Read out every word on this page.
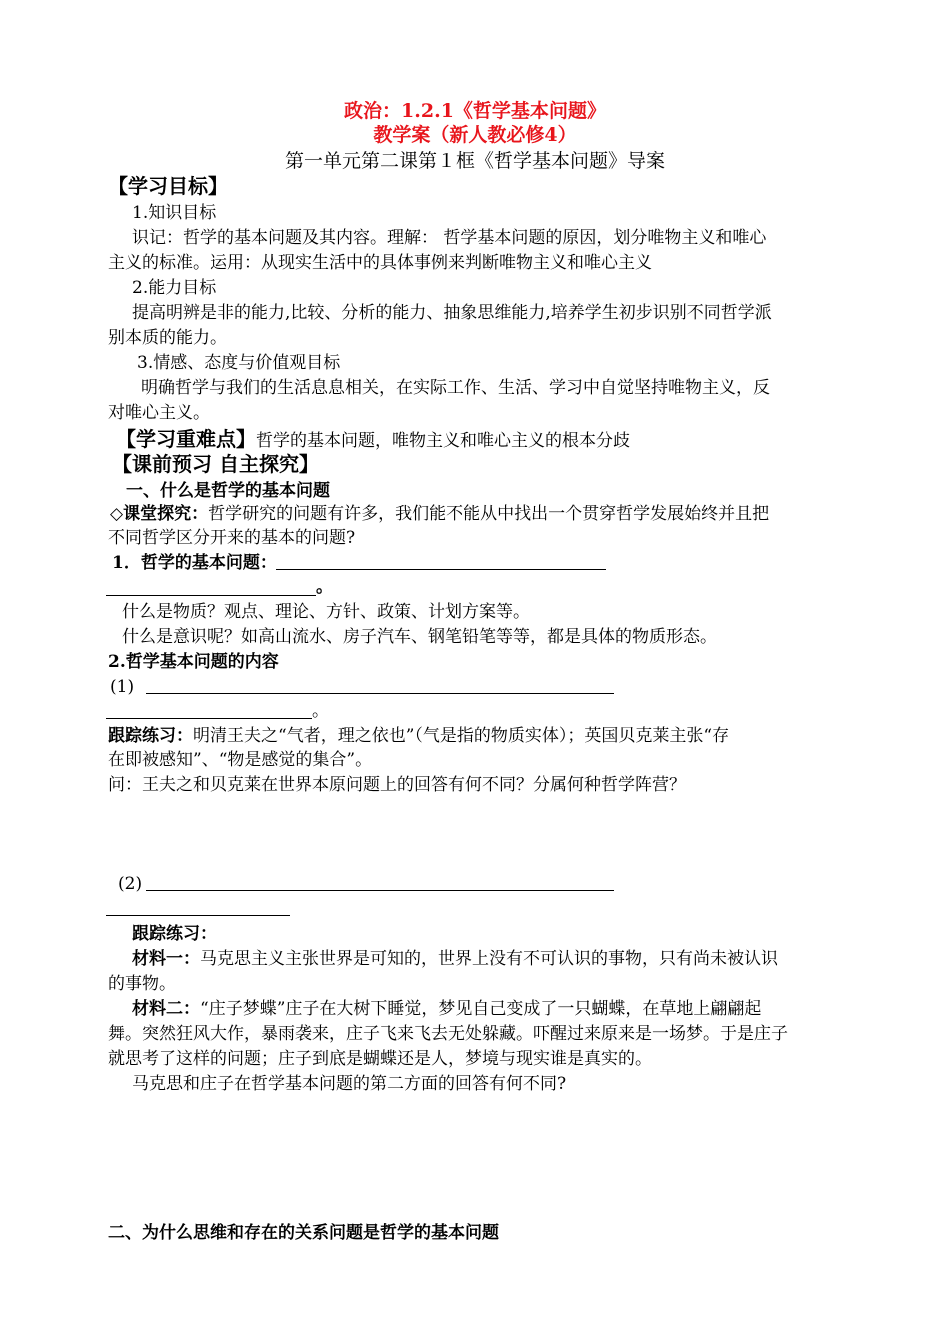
政治：1.2.1《哲学基本问题》
教学案（新人教必修4）
第一单元第二课第１框《哲学基本问题》导案
【学习目标】
1.知识目标
识记：哲学的基本问题及其内容。理解： 哲学基本问题的原因，划分唯物主义和唯心
主义的标准。运用：从现实生活中的具体事例来判断唯物主义和唯心主义
2.能力目标
提高明辨是非的能力,比较、分析的能力、抽象思维能力,培养学生初步识别不同哲学派
别本质的能力。
3.情感、态度与价值观目标
明确哲学与我们的生活息息相关，在实际工作、生活、学习中自觉坚持唯物主义，反
对唯心主义。
【学习重难点】哲学的基本问题，唯物主义和唯心主义的根本分歧
【课前预习 自主探究】
一、什么是哲学的基本问题
◇课堂探究：哲学研究的问题有许多，我们能不能从中找出一个贯穿哲学发展始终并且把
不同哲学区分开来的基本的问题?
1．哲学的基本问题：
。
什么是物质？观点、理论、方针、政策、计划方案等。
什么是意识呢？如高山流水、房子汽车、钢笔铅笔等等，都是具体的物质形态。
2.哲学基本问题的内容
(1)
。
跟踪练习：明清王夫之“气者，理之依也”（气是指的物质实体）；英国贝克莱主张“存
在即被感知”、“物是感觉的集合”。
问：王夫之和贝克莱在世界本原问题上的回答有何不同？分属何种哲学阵营？
(2)
跟踪练习：
材料一：马克思主义主张世界是可知的，世界上没有不可认识的事物，只有尚未被认识
的事物。
材料二：“庄子梦蝶”庄子在大树下睡觉，梦见自己变成了一只蝴蝶，在草地上翩翩起
舞。突然狂风大作，暴雨袭来，庄子飞来飞去无处躲藏。吓醒过来原来是一场梦。于是庄子
就思考了这样的问题；庄子到底是蝴蝶还是人，梦境与现实谁是真实的。
马克思和庄子在哲学基本问题的第二方面的回答有何不同?
二、为什么思维和存在的关系问题是哲学的基本问题
